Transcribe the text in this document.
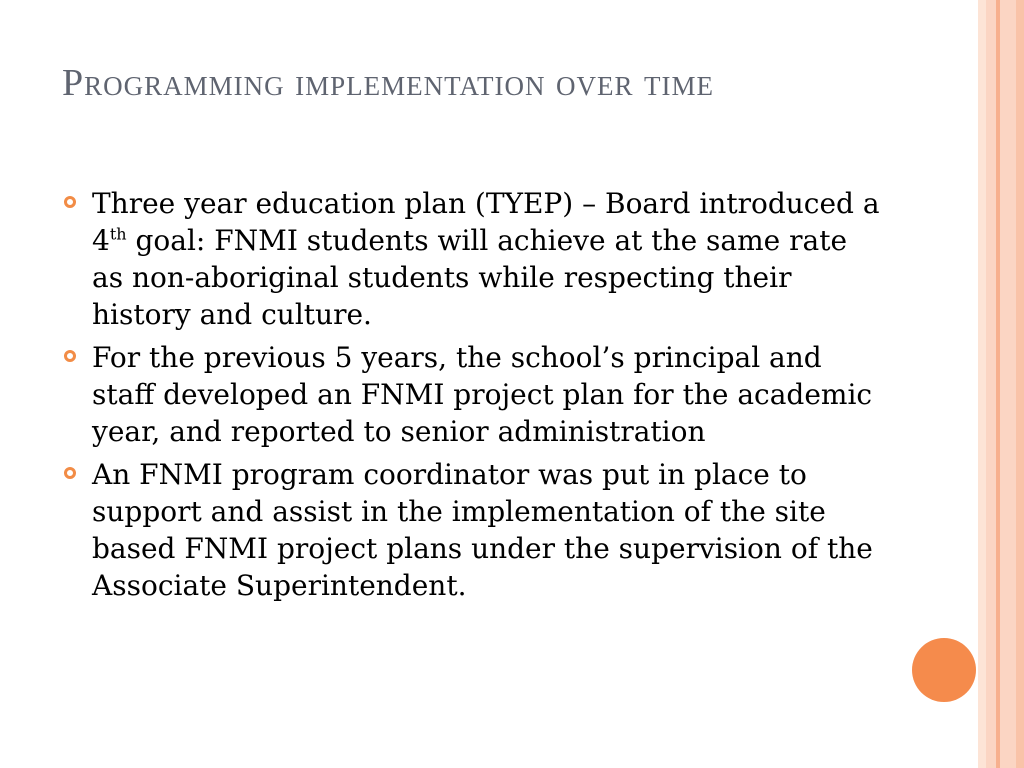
Programming implementation over time
Three year education plan (TYEP) – Board introduced a 4th goal: FNMI students will achieve at the same rate as non-aboriginal students while respecting their history and culture.
For the previous 5 years, the school’s principal and staff developed an FNMI project plan for the academic year, and reported to senior administration
An FNMI program coordinator was put in place to support and assist in the implementation of the site based FNMI project plans under the supervision of the Associate Superintendent.
